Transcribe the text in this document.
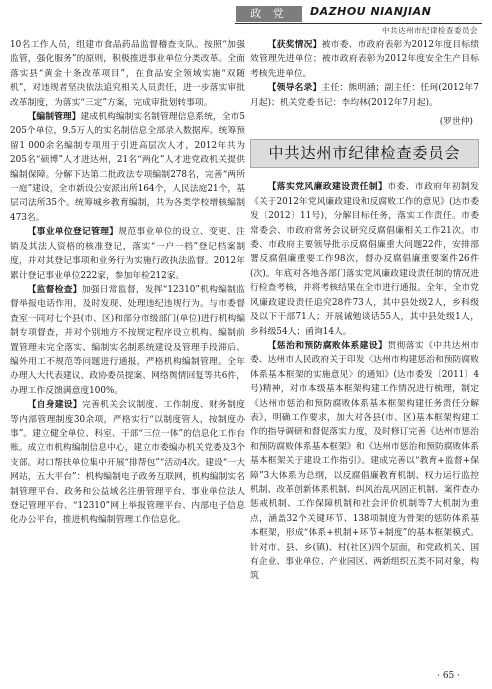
政 党	DAZHOU NIANJIAN
中共达州市纪律检查委员会

10名工作人员，组建市食品药品监督稽查支队。按照“加强监管，强化服务”的原则，积极推进事业单位分类改革。全面落实县“黄金十条改革项目”，在食品安全领域实施“双随机”，对违规者坚决依法追究相关人员责任，进一步落实审批改革制度，为落实“三定”方案，完成审批划转事项。

【编制管理】建成机构编制实名制管理信息系统，全市5 205个单位，9.5万人的实名制信息全部录入数据库。统筹预留1 000余名编制专项用于引进高层次人才，2012年共为205名“硕博”人才进达州，21名“两化”人才进党政机关提供编制保障。分解下达第二批政法专项编制278名，完善“两所一庭”建设，全市新设公安派出所164个，人民法庭21个，基层司法所35个。统筹城乡教育编制，共为各类学校增核编制473名。

【事业单位登记管理】规范事业单位的设立、变更、注销及其法人资格的核准登记，落实“一户一档”登记档案制度，并对其登记事项和业务行为实施行政执法监督。2012年累计登记事业单位222家，参加年检212家。

【监督检查】加强日常监督，发挥“12310”机构编制监督举报电话作用，及时发现、处理违纪违规行为。与市委督查室一同对七个县(市、区)和部分市级部门(单位)进行机构编制专项督查，并对个别地方不按规定程序设立机构、编制前置管理未完全落实、编制实名制系统建设及管理手段滞后、编外用工不规范等问题进行通报，严格机构编制管理。全年办理人大代表建议、政协委员提案、网络舆情回复等共6件，办理工作反馈满意度100%。

【自身建设】完善机关会议制度、工作制度、财务制度等内部管理制度30余项，严格实行“以制度管人，按制度办事”。建立健全单位、科室、干部“三位一体”的信息化工作台账。成立市机构编制信息中心，建立市委编办机关党委及3个支部。对口帮扶单位集中开展“排帮包”“活动4次。建设“一大网站，五大平台”：机构编制电子政务互联网，机构编制实名制管理平台、政务和公益域名注册管理平台、事业单位法人登记管理平台、“12310”网上举报管理平台、内部电子信息化办公平台，推进机构编制管理工作信息化。

【获奖情况】被市委、市政府表彰为2012年度目标绩效管理先进单位；被市政府表彰为2012年度安全生产目标考核先进单位。

【领导名录】主任：熊明涵；副主任：任珂(2012年7月起)；机关党委书记：李均林(2012年7月起)。

(罗世仲)
中共达州市纪律检查委员会

【落实党风廉政建设责任制】市委、市政府年初制发《关于2012年党风廉政建设和反腐败工作的意见》(达市委发〔2012〕11号)，分解目标任务，落实工作责任。市委常委会、市政府常务会议研究反腐倡廉相关工作21次。市委、市政府主要领导批示反腐倡廉重大问题22件，安排部署反腐倡廉重要工作98次，督办反腐倡廉重要案件26件(次)。年底对各地各部门落实党风廉政建设责任制的情况进行检查考核，并将考核结果在全市进行通报。全年，全市党风廉政建设责任追究28件73人，其中县处级2人，乡科级及以下干部71人；开展诫勉谈话55人，其中县处级1人，乡科级54人；函询14人。

【惩治和预防腐败体系建设】贯彻落实《中共达州市委、达州市人民政府关于印发〈达州市构建惩治和预防腐败体系基本框架的实施意见〉的通知》(达市委发〔2011〕4号)精神，对市本级基本框架构建工作情况进行梳理，制定《达州市惩治和预防腐败体系基本框架构建任务责任分解表》，明确工作要求，加大对各县(市、区)基本框架构建工作的指导调研和督促落实力度，及时修订完善《达州市惩治和预防腐败体系基本框架》和《达州市惩治和预防腐败体系基本框架关于建设工作指引》。建成完善以“教育+监督+保障”3大体系为总纲，以反腐倡廉教育机制、权力运行监控机制、改革创新体系机制、纠风治乱巩固正机制、案件查办惩戒机制、工作保障机制和社会评价机制等7大机制为重点，涵盖32个关键环节、138项制度为骨架的惩防体系基本框架，形成“体系+机制+环节+制度”的基本框架模式。针对市、县、乡(镇)、村(社区)四个层面，和党政机关、国有企业、事业单位、产业园区、两新组织五类不同对象，构筑

· 65 ·
